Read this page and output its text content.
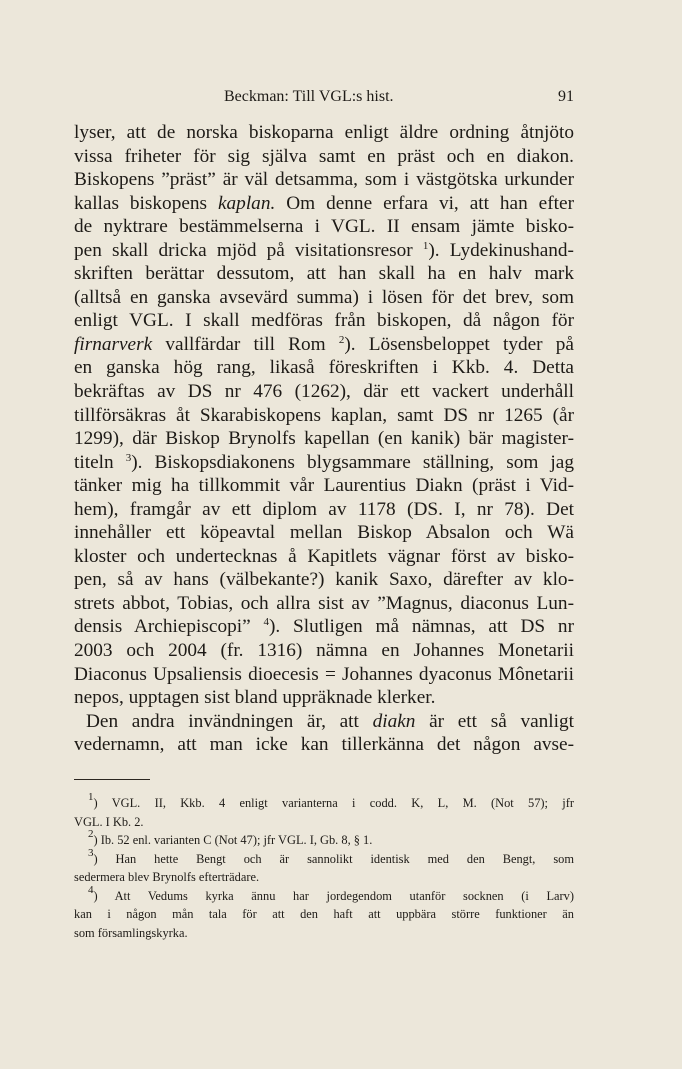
Beckman: Till VGL:s hist.	91
lyser, att de norska biskoparna enligt äldre ordning åtnjöto
vissa friheter för sig själva samt en präst och en diakon.
Biskopens ”präst” är väl detsamma, som i västgötska urkunder
kallas biskopens kaplan. Om denne erfara vi, att han efter
de nyktrare bestämmelserna i VGL. II ensam jämte bisko-
pen skall dricka mjöd på visitationsresor $^1$). Lydekinushand-
skriften berättar dessutom, att han skall ha en halv mark
(alltså en ganska avsevärd summa) i lösen för det brev, som
enligt VGL. I skall medföras från biskopen, då någon för
firnarverk vallfärdar till Rom $^2$). Lösensbeloppet tyder på
en ganska hög rang, likaså föreskriften i Kkb. 4. Detta
bekräftas av DS nr 476 (1262), där ett vackert underhåll
tillförsäkras åt Skarabiskopens kaplan, samt DS nr 1265 (år
1299), där Biskop Brynolfs kapellan (en kanik) bär magister-
titeln $^3$). Biskopsdiakonens blygsammare ställning, som jag
tänker mig ha tillkommit vår Laurentius Diakn (präst i Vid-
hem), framgår av ett diplom av 1178 (DS. I, nr 78). Det
innehåller ett köpeavtal mellan Biskop Absalon och Wä
kloster och undertecknas å Kapitlets vägnar först av bisko-
pen, så av hans (välbekante?) kanik Saxo, därefter av klo-
strets abbot, Tobias, och allra sist av ”Magnus, diaconus Lun-
densis Archiepiscopi” $^4$). Slutligen må nämnas, att DS nr
2003 och 2004 (fr. 1316) nämna en Johannes Monetarii
Diaconus Upsaliensis dioecesis = Johannes dyaconus Mônetarii
nepos, upptagen sist bland uppräknade klerker.
Den andra invändningen är, att diakn är ett så vanligt
vedernamn, att man icke kan tillerkänna det någon avse-
$^1$) VGL. II, Kkb. 4 enligt varianterna i codd. K, L, M. (Not 57); jfr
VGL. I Kb. 2.
$^2$) Ib. 52 enl. varianten C (Not 47); jfr VGL. I, Gb. 8, § 1.
$^3$) Han hette Bengt och är sannolikt identisk med den Bengt, som
sedermera blev Brynolfs efterträdare.
$^4$) Att Vedums kyrka ännu har jordegendom utanför socknen (i Larv)
kan i någon mån tala för att den haft att uppbära större funktioner än
som församlingskyrka.
